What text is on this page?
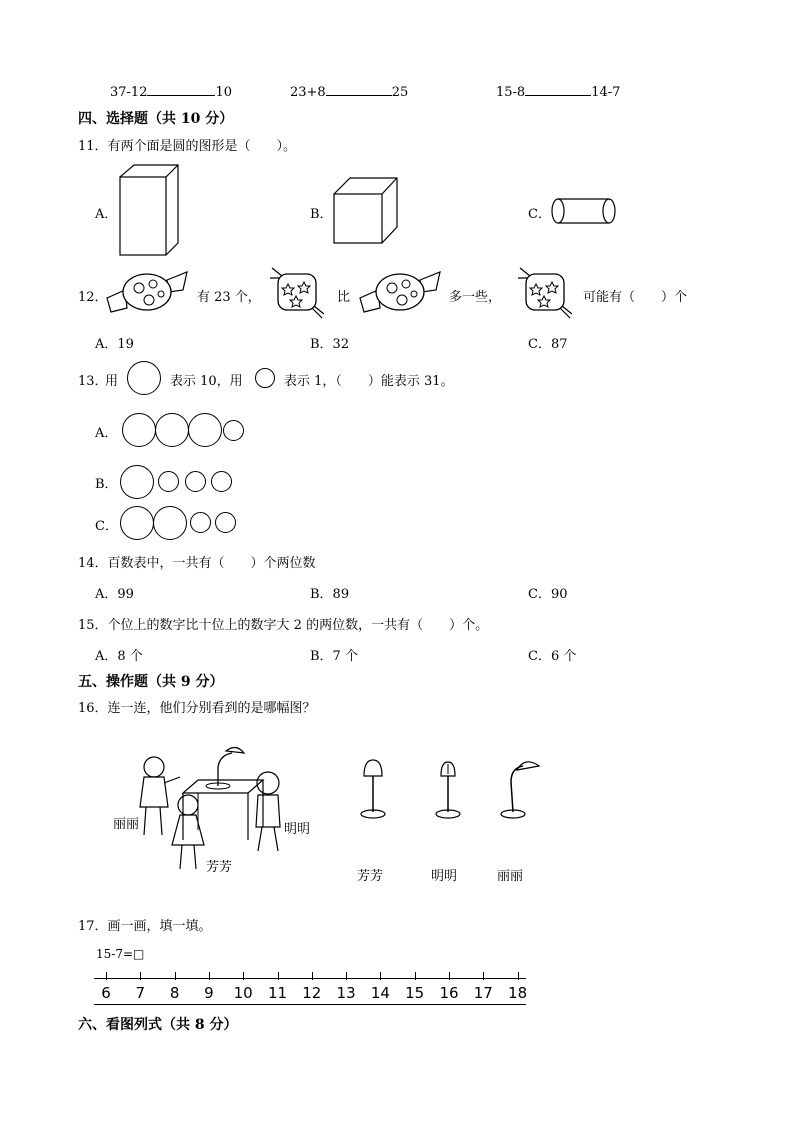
37-12	10	23+8	25	15-8	14-7
四、选择题（共 10 分）
11．有两个面是圆的图形是（　　）。
A．	B．	C．
12．	有 23 个，	比	多一些，	可能有（　　）个
A．19	B．32	C．87
13．
用	表示 10，用	表示 1，（　　）能表示 31。
A．
B．
C．
14．百数表中，一共有（　　）个两位数
A．99	B．89	C．90
15．个位上的数字比十位上的数字大 2 的两位数，一共有（　　）个。
A．8 个	B．7 个	C．6 个
五、操作题（共 9 分）
16．连一连，他们分别看到的是哪幅图？
丽丽	明明
芳芳
芳芳	明明	丽丽
17．画一画，填一填。
15-7=□
6	7	8	9	10	11	12	13	14	15	16	17	18
六、看图列式（共 8 分）
